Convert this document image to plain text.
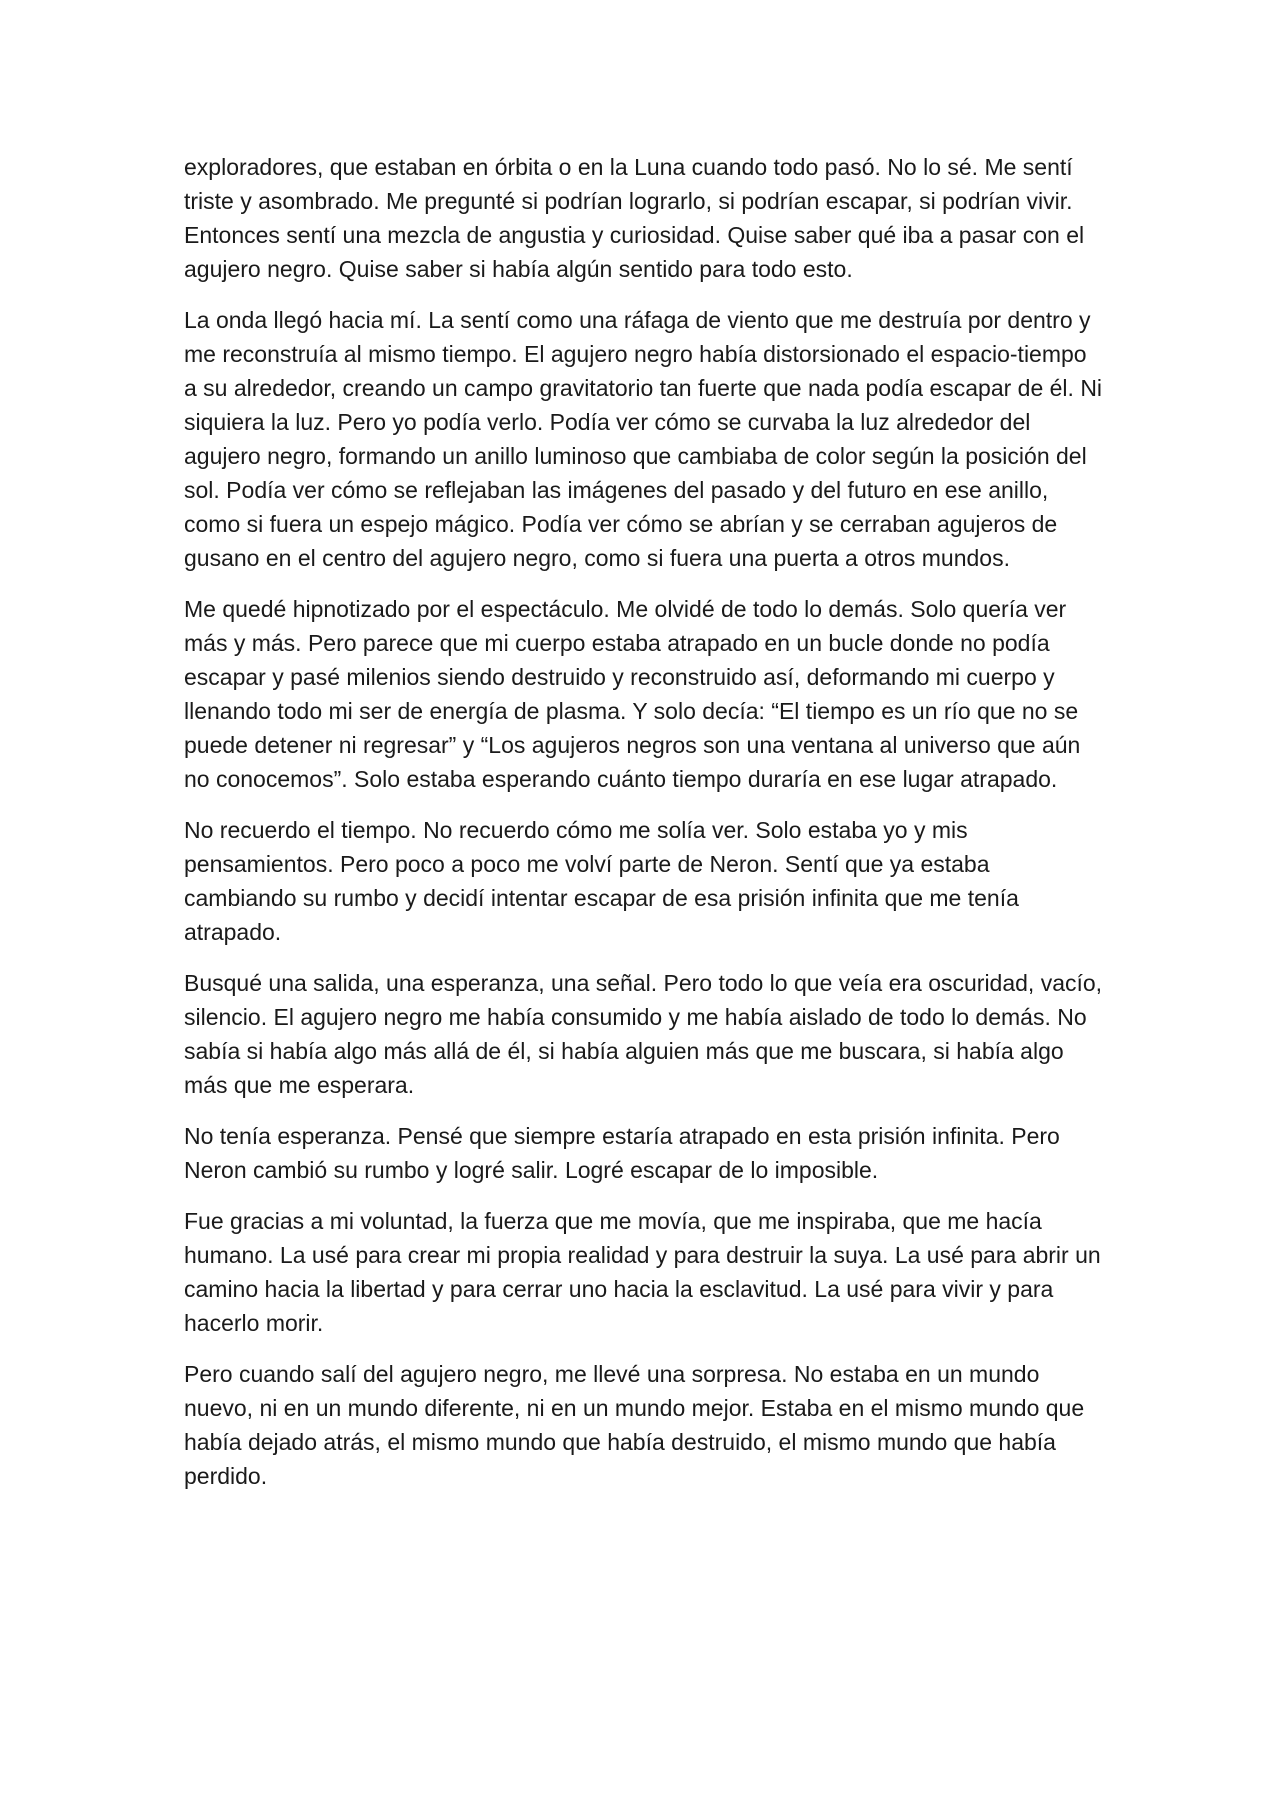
exploradores, que estaban en órbita o en la Luna cuando todo pasó. No lo sé. Me sentí triste y asombrado. Me pregunté si podrían lograrlo, si podrían escapar, si podrían vivir. Entonces sentí una mezcla de angustia y curiosidad. Quise saber qué iba a pasar con el agujero negro. Quise saber si había algún sentido para todo esto.

La onda llegó hacia mí. La sentí como una ráfaga de viento que me destruía por dentro y me reconstruía al mismo tiempo. El agujero negro había distorsionado el espacio-tiempo a su alrededor, creando un campo gravitatorio tan fuerte que nada podía escapar de él. Ni siquiera la luz. Pero yo podía verlo. Podía ver cómo se curvaba la luz alrededor del agujero negro, formando un anillo luminoso que cambiaba de color según la posición del sol. Podía ver cómo se reflejaban las imágenes del pasado y del futuro en ese anillo, como si fuera un espejo mágico. Podía ver cómo se abrían y se cerraban agujeros de gusano en el centro del agujero negro, como si fuera una puerta a otros mundos.

Me quedé hipnotizado por el espectáculo. Me olvidé de todo lo demás. Solo quería ver más y más. Pero parece que mi cuerpo estaba atrapado en un bucle donde no podía escapar y pasé milenios siendo destruido y reconstruido así, deformando mi cuerpo y llenando todo mi ser de energía de plasma. Y solo decía: “El tiempo es un río que no se puede detener ni regresar” y “Los agujeros negros son una ventana al universo que aún no conocemos”. Solo estaba esperando cuánto tiempo duraría en ese lugar atrapado.

No recuerdo el tiempo. No recuerdo cómo me solía ver. Solo estaba yo y mis pensamientos. Pero poco a poco me volví parte de Neron. Sentí que ya estaba cambiando su rumbo y decidí intentar escapar de esa prisión infinita que me tenía atrapado.

Busqué una salida, una esperanza, una señal. Pero todo lo que veía era oscuridad, vacío, silencio. El agujero negro me había consumido y me había aislado de todo lo demás. No sabía si había algo más allá de él, si había alguien más que me buscara, si había algo más que me esperara.

No tenía esperanza. Pensé que siempre estaría atrapado en esta prisión infinita. Pero Neron cambió su rumbo y logré salir. Logré escapar de lo imposible.

Fue gracias a mi voluntad, la fuerza que me movía, que me inspiraba, que me hacía humano. La usé para crear mi propia realidad y para destruir la suya. La usé para abrir un camino hacia la libertad y para cerrar uno hacia la esclavitud. La usé para vivir y para hacerlo morir.

Pero cuando salí del agujero negro, me llevé una sorpresa. No estaba en un mundo nuevo, ni en un mundo diferente, ni en un mundo mejor. Estaba en el mismo mundo que había dejado atrás, el mismo mundo que había destruido, el mismo mundo que había perdido.
